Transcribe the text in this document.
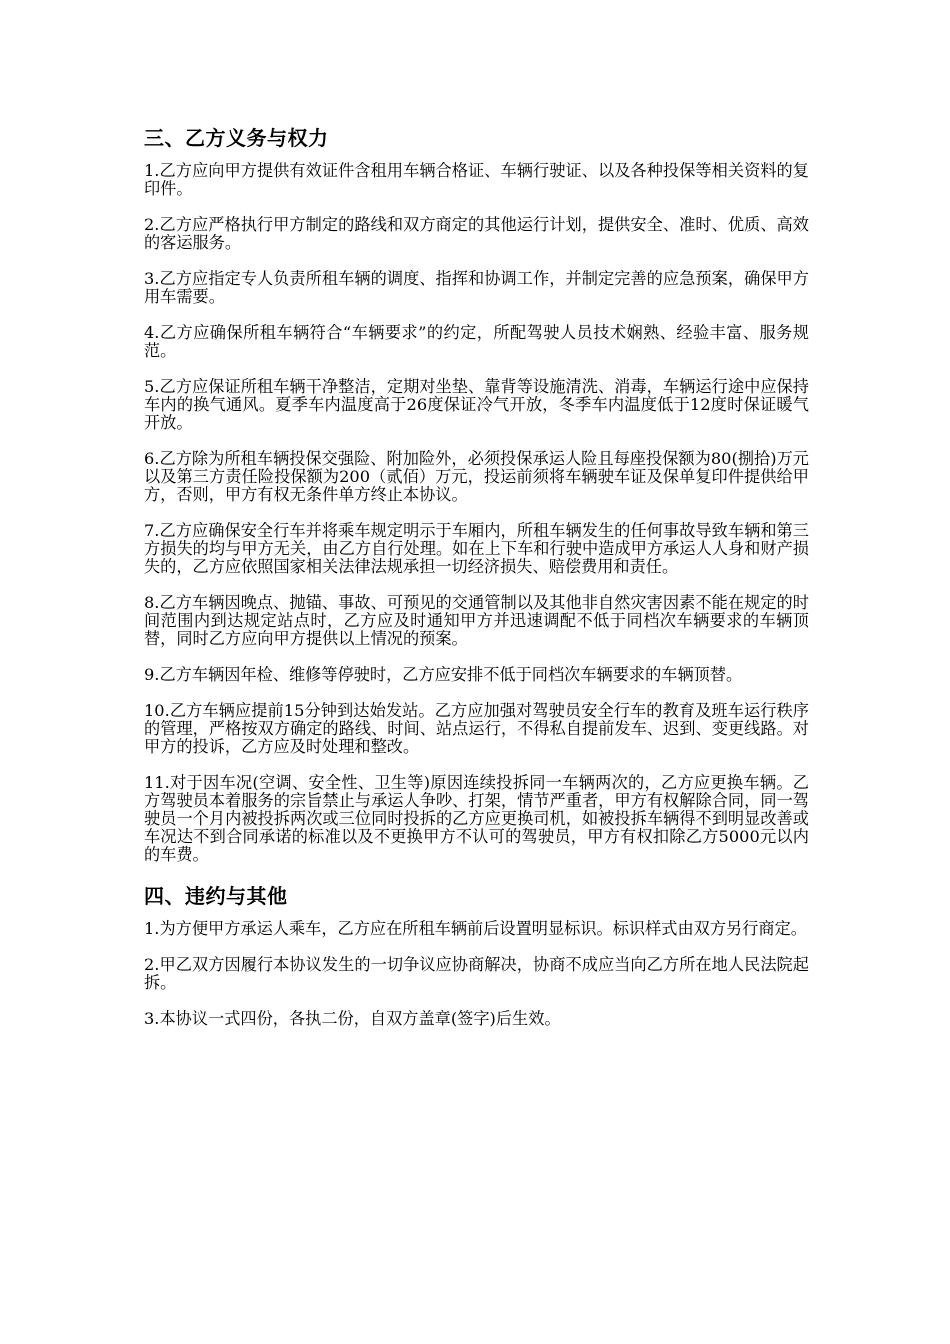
三、乙方义务与权力

1.乙方应向甲方提供有效证件含租用车辆合格证、车辆行驶证、以及各种投保等相关资料的复印件。

2.乙方应严格执行甲方制定的路线和双方商定的其他运行计划，提供安全、准时、优质、高效的客运服务。

3.乙方应指定专人负责所租车辆的调度、指挥和协调工作，并制定完善的应急预案，确保甲方用车需要。

4.乙方应确保所租车辆符合“车辆要求”的约定，所配驾驶人员技术娴熟、经验丰富、服务规范。

5.乙方应保证所租车辆干净整洁，定期对坐垫、靠背等设施清洗、消毒，车辆运行途中应保持车内的换气通风。夏季车内温度高于26度保证冷气开放，冬季车内温度低于12度时保证暖气开放。

6.乙方除为所租车辆投保交强险、附加险外，必须投保承运人险且每座投保额为80(捌拾)万元以及第三方责任险投保额为200（贰佰）万元，投运前须将车辆驶车证及保单复印件提供给甲方，否则，甲方有权无条件单方终止本协议。

7.乙方应确保安全行车并将乘车规定明示于车厢内，所租车辆发生的任何事故导致车辆和第三方损失的均与甲方无关，由乙方自行处理。如在上下车和行驶中造成甲方承运人人身和财产损失的，乙方应依照国家相关法律法规承担一切经济损失、赔偿费用和责任。

8.乙方车辆因晚点、抛锚、事故、可预见的交通管制以及其他非自然灾害因素不能在规定的时间范围内到达规定站点时，乙方应及时通知甲方并迅速调配不低于同档次车辆要求的车辆顶替，同时乙方应向甲方提供以上情况的预案。

9.乙方车辆因年检、维修等停驶时，乙方应安排不低于同档次车辆要求的车辆顶替。

10.乙方车辆应提前15分钟到达始发站。乙方应加强对驾驶员安全行车的教育及班车运行秩序的管理，严格按双方确定的路线、时间、站点运行，不得私自提前发车、迟到、变更线路。对甲方的投诉，乙方应及时处理和整改。

11.对于因车况(空调、安全性、卫生等)原因连续投拆同一车辆两次的，乙方应更换车辆。乙方驾驶员本着服务的宗旨禁止与承运人争吵、打架，情节严重者，甲方有权解除合同，同一驾驶员一个月内被投拆两次或三位同时投拆的乙方应更换司机，如被投拆车辆得不到明显改善或车况达不到合同承诺的标准以及不更换甲方不认可的驾驶员，甲方有权扣除乙方5000元以内的车费。

四、违约与其他

1.为方便甲方承运人乘车，乙方应在所租车辆前后设置明显标识。标识样式由双方另行商定。

2.甲乙双方因履行本协议发生的一切争议应协商解决，协商不成应当向乙方所在地人民法院起拆。

3.本协议一式四份，各执二份，自双方盖章(签字)后生效。
